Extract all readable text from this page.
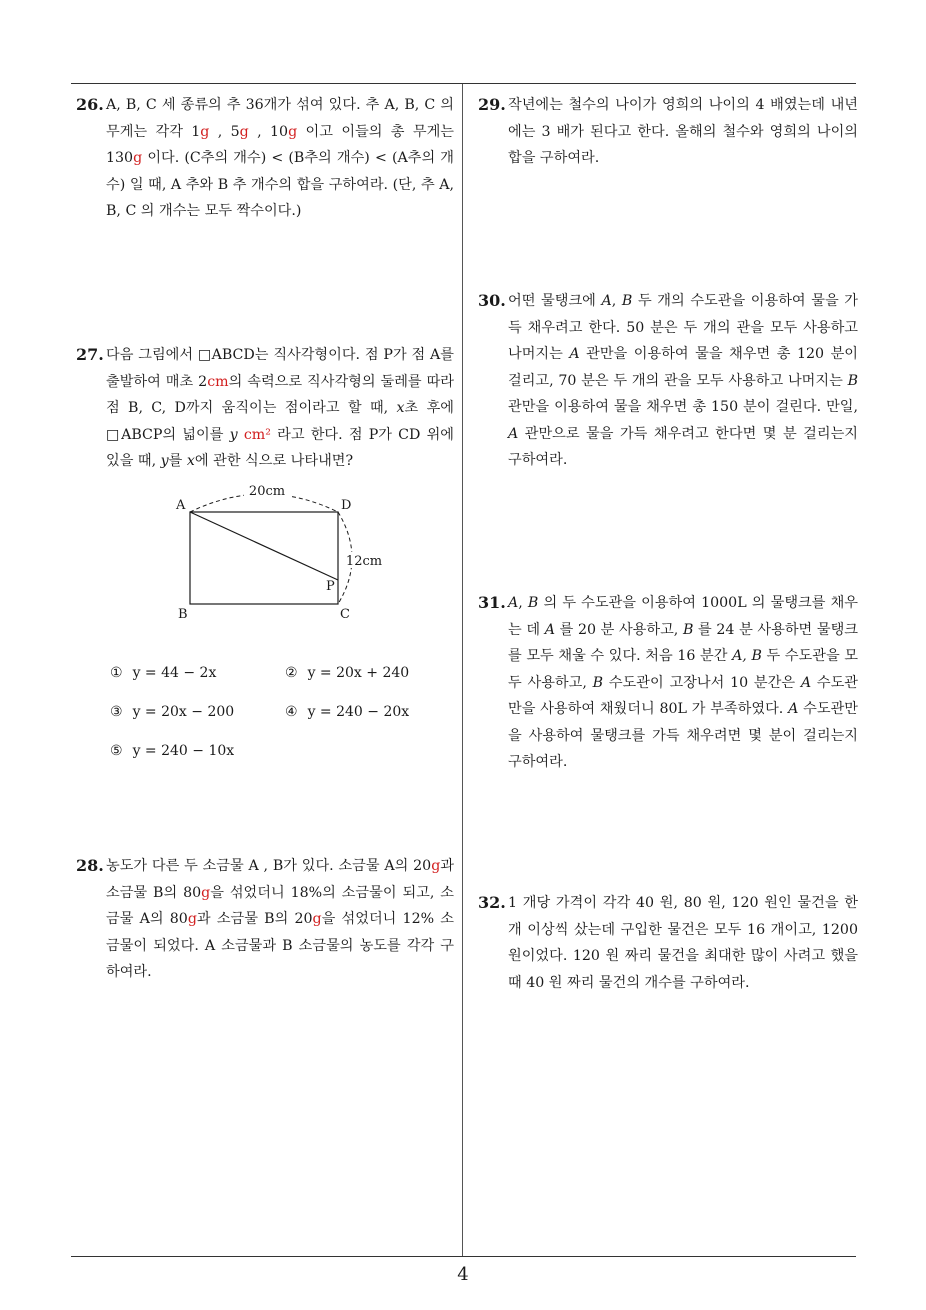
26. A, B, C 세 종류의 추 36개가 섞여 있다. 추 A, B, C 의 무게는 각각 1g , 5g , 10g 이고 이들의 총 무게는 130g 이다. (C추의 개수) < (B추의 개수) < (A추의 개수) 일 때, A 추와 B 추 개수의 합을 구하여라. (단, 추 A, B, C 의 개수는 모두 짝수이다.)
27. 다음 그림에서 □ABCD는 직사각형이다. 점 P가 점 A를 출발하여 매초 2cm의 속력으로 직사각형의 둘레를 따라 점 B, C, D까지 움직이는 점이라고 할 때, x초 후에 □ABCP의 넓이를 y cm² 라고 한다. 점 P가 CD 위에 있을 때, y를 x에 관한 식으로 나타내면?
20cm
12cm
A	D
B	C
P
① y = 44 − 2x	② y = 20x + 240
③ y = 20x − 200	④ y = 240 − 20x
⑤ y = 240 − 10x
28. 농도가 다른 두 소금물 A , B가 있다. 소금물 A의 20g과 소금물 B의 80g을 섞었더니 18%의 소금물이 되고, 소금물 A의 80g과 소금물 B의 20g을 섞었더니 12% 소금물이 되었다. A 소금물과 B 소금물의 농도를 각각 구하여라.
29. 작년에는 철수의 나이가 영희의 나이의 4 배였는데 내년에는 3 배가 된다고 한다. 올해의 철수와 영희의 나이의 합을 구하여라.
30. 어떤 물탱크에 A, B 두 개의 수도관을 이용하여 물을 가득 채우려고 한다. 50 분은 두 개의 관을 모두 사용하고 나머지는 A 관만을 이용하여 물을 채우면 총 120 분이 걸리고, 70 분은 두 개의 관을 모두 사용하고 나머지는 B 관만을 이용하여 물을 채우면 총 150 분이 걸린다. 만일, A 관만으로 물을 가득 채우려고 한다면 몇 분 걸리는지 구하여라.
31. A, B 의 두 수도관을 이용하여 1000L 의 물탱크를 채우는 데 A 를 20 분 사용하고, B 를 24 분 사용하면 물탱크를 모두 채울 수 있다. 처음 16 분간 A, B 두 수도관을 모두 사용하고, B 수도관이 고장나서 10 분간은 A 수도관만을 사용하여 채웠더니 80L 가 부족하였다. A 수도관만을 사용하여 물탱크를 가득 채우려면 몇 분이 걸리는지 구하여라.
32. 1 개당 가격이 각각 40 원, 80 원, 120 원인 물건을 한 개 이상씩 샀는데 구입한 물건은 모두 16 개이고, 1200 원이었다. 120 원 짜리 물건을 최대한 많이 사려고 했을 때 40 원 짜리 물건의 개수를 구하여라.
4
